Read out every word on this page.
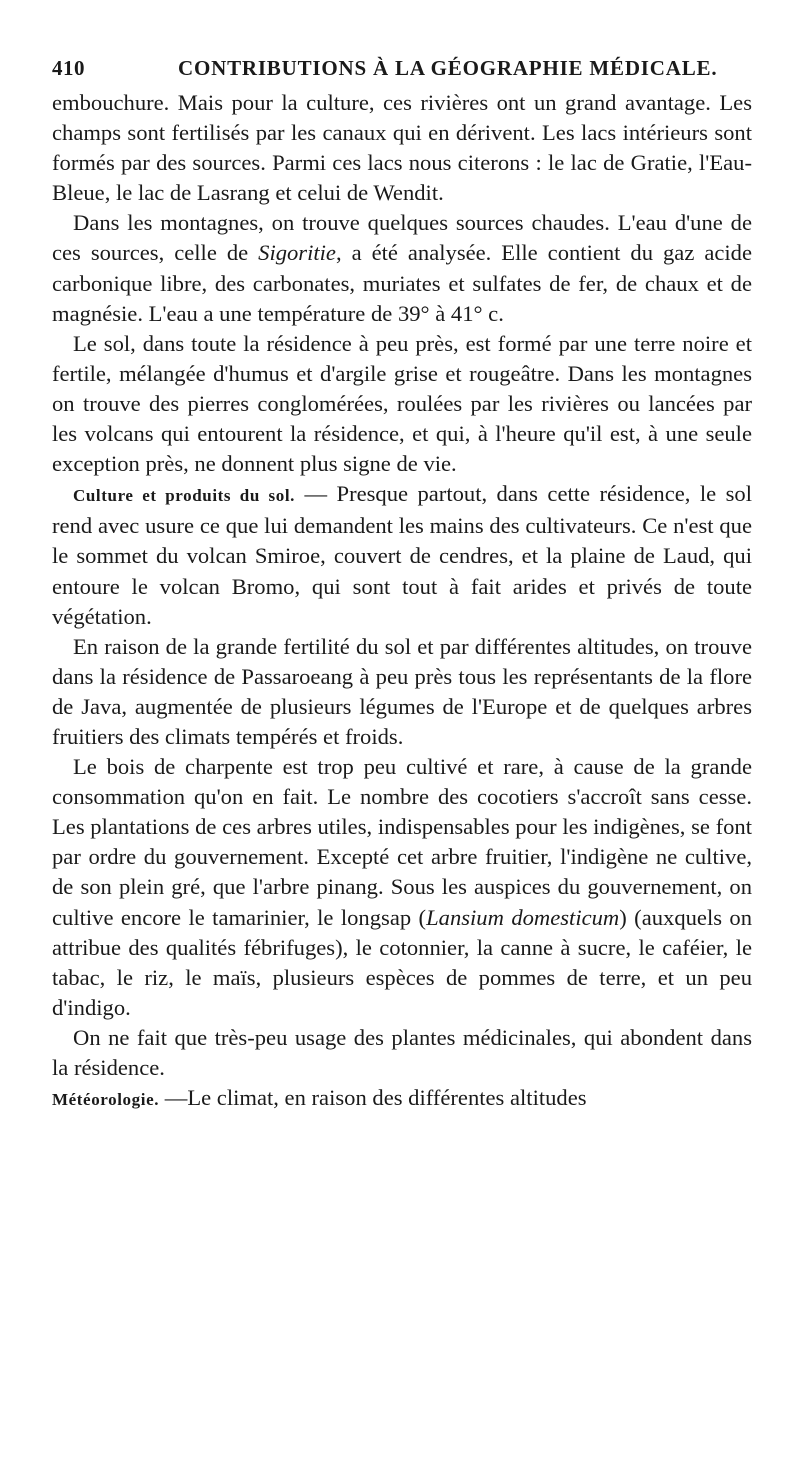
410	CONTRIBUTIONS À LA GÉOGRAPHIE MÉDICALE.

embouchure. Mais pour la culture, ces rivières ont un grand avantage. Les champs sont fertilisés par les canaux qui en dérivent. Les lacs intérieurs sont formés par des sources. Parmi ces lacs nous citerons : le lac de Gratie, l'Eau-Bleue, le lac de Lasrang et celui de Wendit.

Dans les montagnes, on trouve quelques sources chaudes. L'eau d'une de ces sources, celle de Sigoritie, a été analysée. Elle contient du gaz acide carbonique libre, des carbonates, muriates et sulfates de fer, de chaux et de magnésie. L'eau a une température de 39° à 41° c.

Le sol, dans toute la résidence à peu près, est formé par une terre noire et fertile, mélangée d'humus et d'argile grise et rougeâtre. Dans les montagnes on trouve des pierres conglomérées, roulées par les rivières ou lancées par les volcans qui entourent la résidence, et qui, à l'heure qu'il est, à une seule exception près, ne donnent plus signe de vie.

Culture et produits du sol. — Presque partout, dans cette résidence, le sol rend avec usure ce que lui demandent les mains des cultivateurs. Ce n'est que le sommet du volcan Smiroe, couvert de cendres, et la plaine de Laud, qui entoure le volcan Bromo, qui sont tout à fait arides et privés de toute végétation.

En raison de la grande fertilité du sol et par différentes altitudes, on trouve dans la résidence de Passaroeang à peu près tous les représentants de la flore de Java, augmentée de plusieurs légumes de l'Europe et de quelques arbres fruitiers des climats tempérés et froids.

Le bois de charpente est trop peu cultivé et rare, à cause de la grande consommation qu'on en fait. Le nombre des cocotiers s'accroît sans cesse. Les plantations de ces arbres utiles, indispensables pour les indigènes, se font par ordre du gouvernement. Excepté cet arbre fruitier, l'indigène ne cultive, de son plein gré, que l'arbre pinang. Sous les auspices du gouvernement, on cultive encore le tamarinier, le longsap (Lansium domesticum) (auxquels on attribue des qualités fébrifuges), le cotonnier, la canne à sucre, le caféier, le tabac, le riz, le maïs, plusieurs espèces de pommes de terre, et un peu d'indigo.

On ne fait que très-peu usage des plantes médicinales, qui abondent dans la résidence.

Météorologie. —Le climat, en raison des différentes altitudes
